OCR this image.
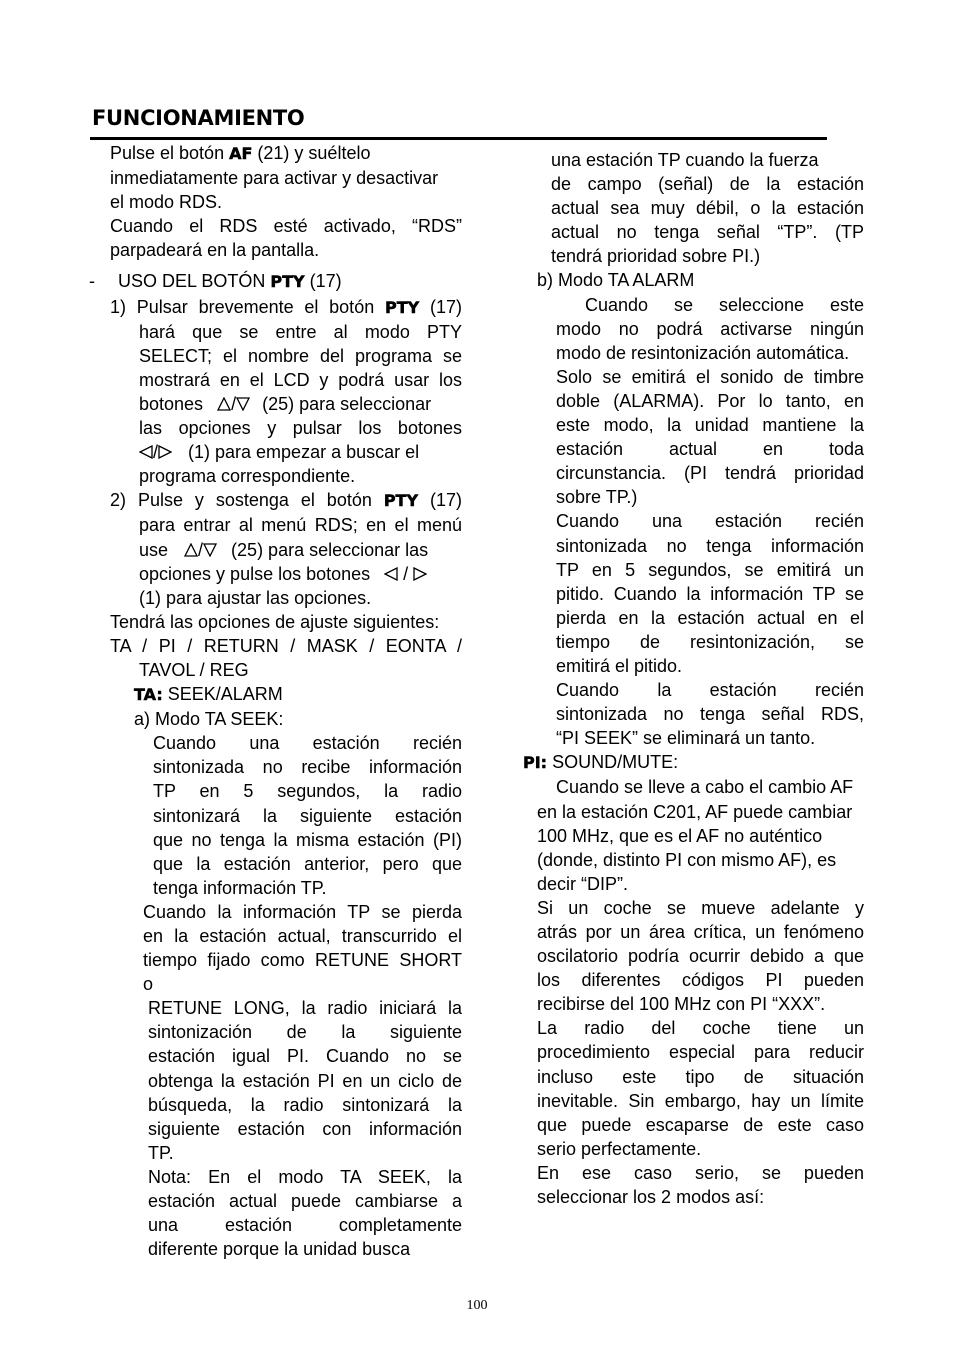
FUNCIONAMIENTO

Pulse el botón AF (21) y suéltelo

inmediatamente para activar y desactivar

el modo RDS.

Cuando el RDS esté activado, “RDS”

parpadeará en la pantalla.

- USO DEL BOTÓN PTY (17)

1) Pulsar brevemente el botón PTY (17)

hará que se entre al modo PTY

SELECT; el nombre del programa se

mostrará en el LCD y podrá usar los

botones / (25) para seleccionar

las opciones y pulsar los botones

/ (1) para empezar a buscar el

programa correspondiente.

2) Pulse y sostenga el botón PTY (17)

para entrar al menú RDS; en el menú

use / (25) para seleccionar las

opciones y pulse los botones /

(1) para ajustar las opciones.

Tendrá las opciones de ajuste siguientes:

TA / PI / RETURN / MASK / EONTA /

TAVOL / REG

TA: SEEK/ALARM

a) Modo TA SEEK:

Cuando una estación recién

sintonizada no recibe información

TP en 5 segundos, la radio

sintonizará la siguiente estación

que no tenga la misma estación (PI)

que la estación anterior, pero que

tenga información TP.

Cuando la información TP se pierda

en la estación actual, transcurrido el

tiempo fijado como RETUNE SHORT

o

RETUNE LONG, la radio iniciará la

sintonización de la siguiente

estación igual PI. Cuando no se

obtenga la estación PI en un ciclo de

búsqueda, la radio sintonizará la

siguiente estación con información

TP.

Nota: En el modo TA SEEK, la

estación actual puede cambiarse a

una estación completamente

diferente porque la unidad busca

una estación TP cuando la fuerza

de campo (señal) de la estación

actual sea muy débil, o la estación

actual no tenga señal “TP”. (TP

tendrá prioridad sobre PI.)

b) Modo TA ALARM

Cuando se seleccione este

modo no podrá activarse ningún

modo de resintonización automática.

Solo se emitirá el sonido de timbre

doble (ALARMA). Por lo tanto, en

este modo, la unidad mantiene la

estación actual en toda

circunstancia. (PI tendrá prioridad

sobre TP.)

Cuando una estación recién

sintonizada no tenga información

TP en 5 segundos, se emitirá un

pitido. Cuando la información TP se

pierda en la estación actual en el

tiempo de resintonización, se

emitirá el pitido.

Cuando la estación recién

sintonizada no tenga señal RDS,

“PI SEEK” se eliminará un tanto.

PI: SOUND/MUTE:

Cuando se lleve a cabo el cambio AF

en la estación C201, AF puede cambiar

100 MHz, que es el AF no auténtico

(donde, distinto PI con mismo AF), es

decir “DIP”.

Si un coche se mueve adelante y

atrás por un área crítica, un fenómeno

oscilatorio podría ocurrir debido a que

los diferentes códigos PI pueden

recibirse del 100 MHz con PI “XXX”.

La radio del coche tiene un

procedimiento especial para reducir

incluso este tipo de situación

inevitable. Sin embargo, hay un límite

que puede escaparse de este caso

serio perfectamente.

En ese caso serio, se pueden

seleccionar los 2 modos así:

100
